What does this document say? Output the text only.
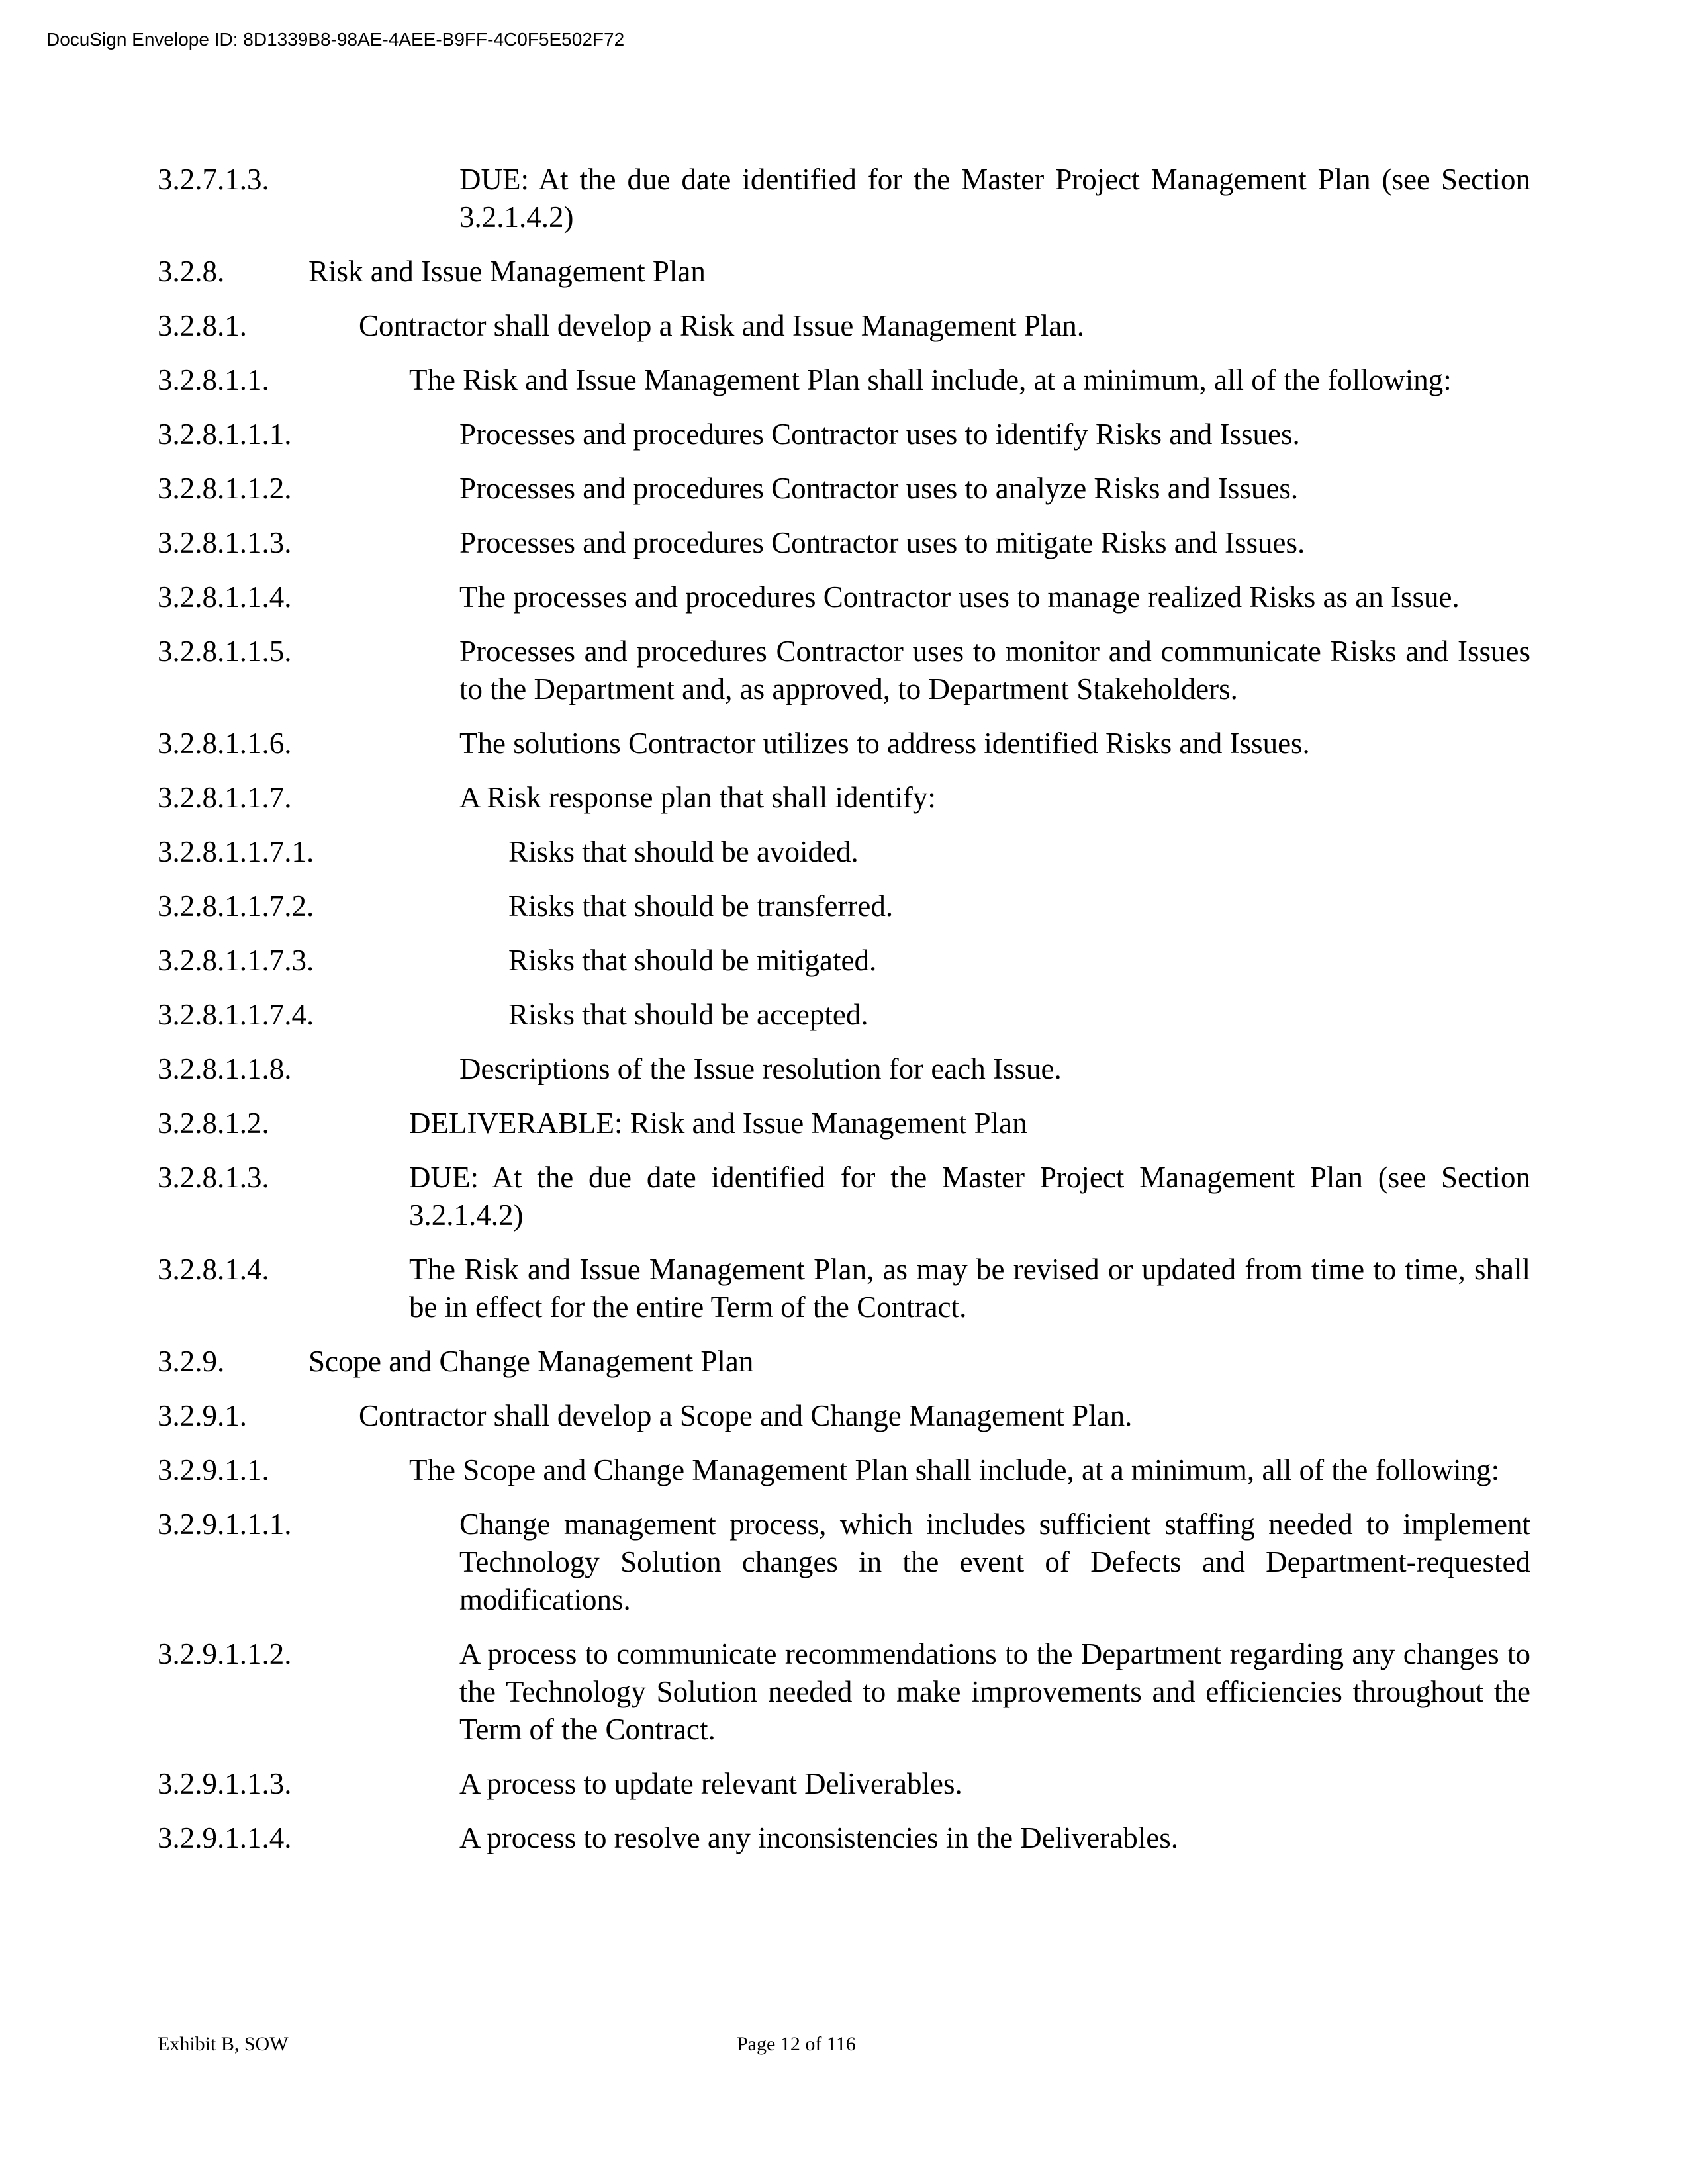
DocuSign Envelope ID: 8D1339B8-98AE-4AEE-B9FF-4C0F5E502F72
3.2.7.1.3.	DUE: At the due date identified for the Master Project Management Plan (see Section 3.2.1.4.2)
3.2.8.	Risk and Issue Management Plan
3.2.8.1.	Contractor shall develop a Risk and Issue Management Plan.
3.2.8.1.1.	The Risk and Issue Management Plan shall include, at a minimum, all of the following:
3.2.8.1.1.1.	Processes and procedures Contractor uses to identify Risks and Issues.
3.2.8.1.1.2.	Processes and procedures Contractor uses to analyze Risks and Issues.
3.2.8.1.1.3.	Processes and procedures Contractor uses to mitigate Risks and Issues.
3.2.8.1.1.4.	The processes and procedures Contractor uses to manage realized Risks as an Issue.
3.2.8.1.1.5.	Processes and procedures Contractor uses to monitor and communicate Risks and Issues to the Department and, as approved, to Department Stakeholders.
3.2.8.1.1.6.	The solutions Contractor utilizes to address identified Risks and Issues.
3.2.8.1.1.7.	A Risk response plan that shall identify:
3.2.8.1.1.7.1.	Risks that should be avoided.
3.2.8.1.1.7.2.	Risks that should be transferred.
3.2.8.1.1.7.3.	Risks that should be mitigated.
3.2.8.1.1.7.4.	Risks that should be accepted.
3.2.8.1.1.8.	Descriptions of the Issue resolution for each Issue.
3.2.8.1.2.	DELIVERABLE: Risk and Issue Management Plan
3.2.8.1.3.	DUE: At the due date identified for the Master Project Management Plan (see Section 3.2.1.4.2)
3.2.8.1.4.	The Risk and Issue Management Plan, as may be revised or updated from time to time, shall be in effect for the entire Term of the Contract.
3.2.9.	Scope and Change Management Plan
3.2.9.1.	Contractor shall develop a Scope and Change Management Plan.
3.2.9.1.1.	The Scope and Change Management Plan shall include, at a minimum, all of the following:
3.2.9.1.1.1.	Change management process, which includes sufficient staffing needed to implement Technology Solution changes in the event of Defects and Department-requested modifications.
3.2.9.1.1.2.	A process to communicate recommendations to the Department regarding any changes to the Technology Solution needed to make improvements and efficiencies throughout the Term of the Contract.
3.2.9.1.1.3.	A process to update relevant Deliverables.
3.2.9.1.1.4.	A process to resolve any inconsistencies in the Deliverables.
Exhibit B, SOW	Page 12 of 116
